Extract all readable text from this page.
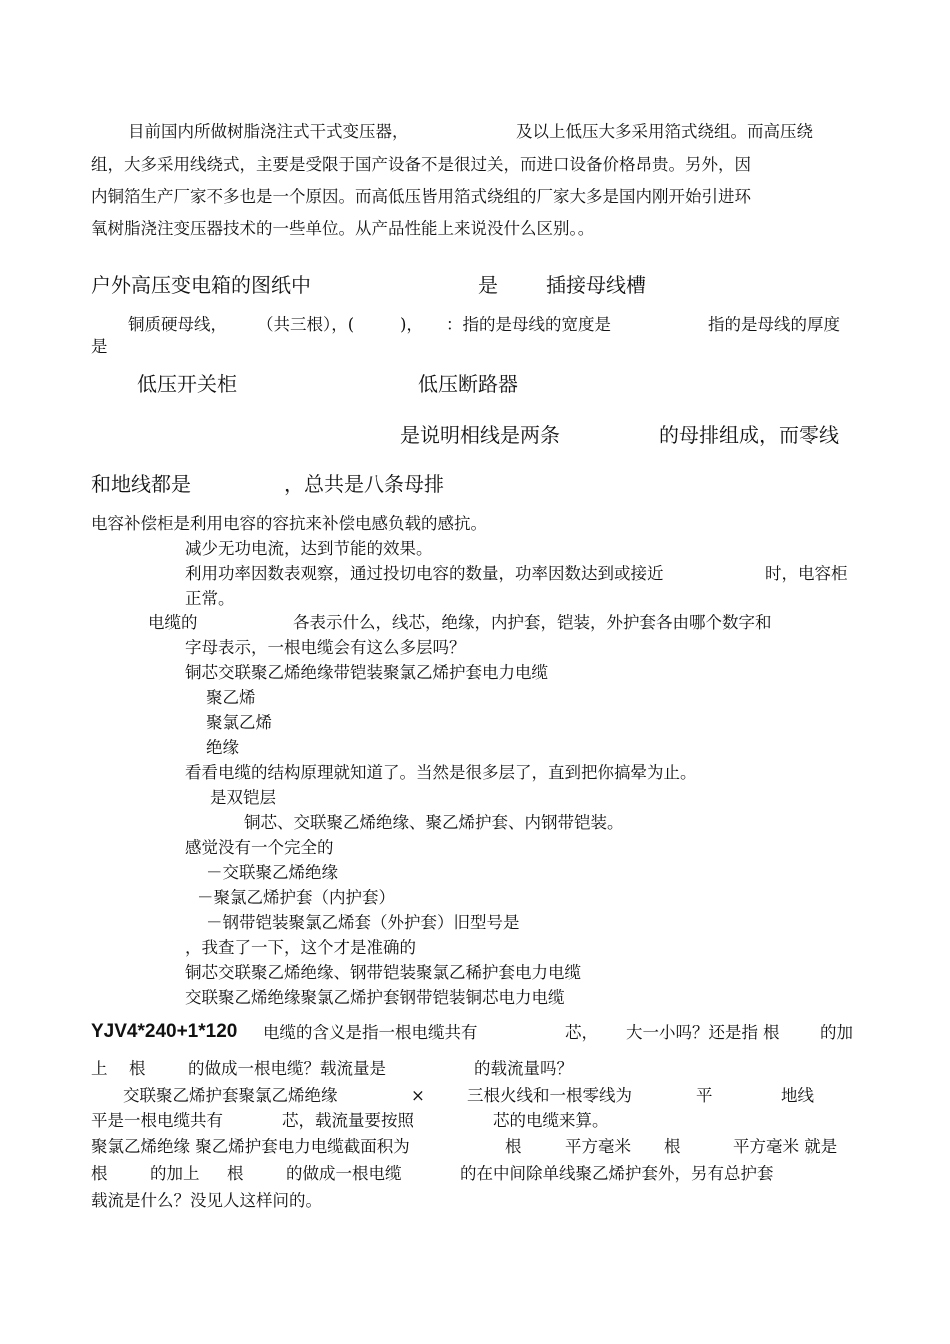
目前国内所做树脂浇注式干式变压器，	及以上低压大多采用箔式绕组。而高压绕
组，大多采用线绕式，主要是受限于国产设备不是很过关，而进口设备价格昂贵。另外，因
内铜箔生产厂家不多也是一个原因。而高低压皆用箔式绕组的厂家大多是国内刚开始引进环
氧树脂浇注变压器技术的一些单位。从产品性能上来说没什么区别。。
户外高压变电箱的图纸中	是 插接母线槽
铜质硬母线， （共三根），(	)， ：指的是母线的宽度是	指的是母线的厚度
是
低压开关柜	低压断路器
是说明相线是两条	的母排组成，而零线
和地线都是	，总共是八条母排
电容补偿柜是利用电容的容抗来补偿电感负载的感抗。
减少无功电流，达到节能的效果。
利用功率因数表观察，通过投切电容的数量，功率因数达到或接近	时，电容柜
正常。
电缆的	各表示什么，线芯，绝缘，内护套，铠装，外护套各由哪个数字和
字母表示，一根电缆会有这么多层吗？
铜芯交联聚乙烯绝缘带铠装聚氯乙烯护套电力电缆
聚乙烯
聚氯乙烯
绝缘
看看电缆的结构原理就知道了。当然是很多层了，直到把你搞晕为止。
是双铠层
铜芯、交联聚乙烯绝缘、聚乙烯护套、内钢带铠装。
感觉没有一个完全的
－交联聚乙烯绝缘
－聚氯乙烯护套（内护套）
－钢带铠装聚氯乙烯套（外护套）旧型号是
，我查了一下，这个才是准确的
铜芯交联聚乙烯绝缘、钢带铠装聚氯乙稀护套电力电缆
交联聚乙烯绝缘聚氯乙烯护套钢带铠装铜芯电力电缆
YJV4*240+1*120 电缆的含义是指一根电缆共有	芯， 大一小吗？还是指 根 的加
上 根	的做成一根电缆？载流量是	的载流量吗？
交联聚乙烯护套聚氯乙烯绝缘	×	三根火线和一根零线为	平	地线
平是一根电缆共有	芯，载流量要按照	芯的电缆来算。
聚氯乙烯绝缘 聚乙烯护套电力电缆截面积为	根	平方毫米 根	平方毫米 就是
根	的加上 根	的做成一根电缆	的在中间除单线聚乙烯护套外，另有总护套
载流是什么？没见人这样问的。
